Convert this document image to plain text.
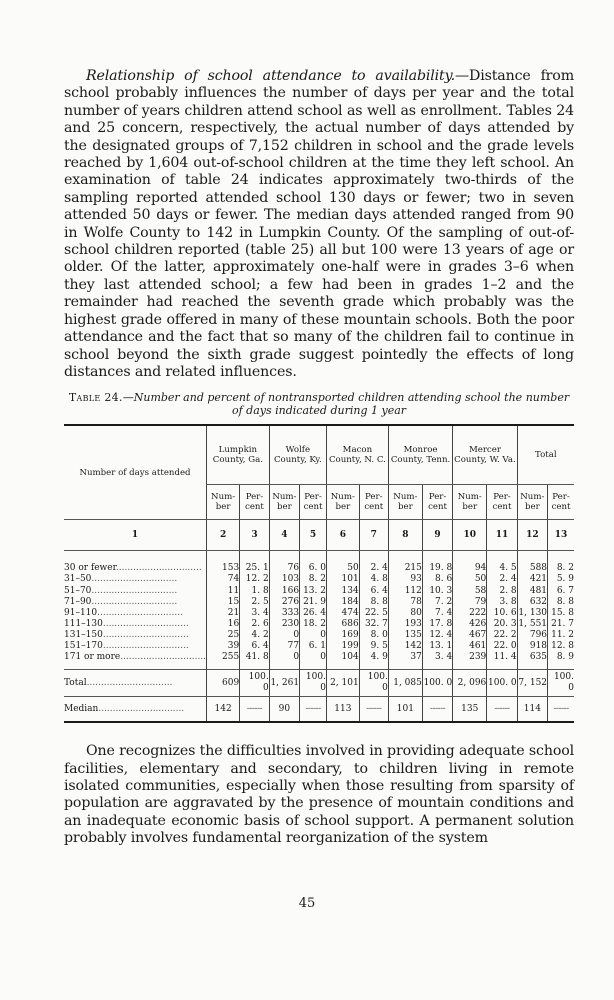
Relationship of school attendance to availability.—Distance from school probably influences the number of days per year and the total number of years children attend school as well as enrollment. Tables 24 and 25 concern, respectively, the actual number of days attended by the designated groups of 7,152 children in school and the grade levels reached by 1,604 out-of-school children at the time they left school. An examination of table 24 indicates approximately two-thirds of the sampling reported attended school 130 days or fewer; two in seven attended 50 days or fewer. The median days attended ranged from 90 in Wolfe County to 142 in Lumpkin County. Of the sampling of out-of-school children reported (table 25) all but 100 were 13 years of age or older. Of the latter, approximately one-half were in grades 3–6 when they last attended school; a few had been in grades 1–2 and the remainder had reached the seventh grade which probably was the highest grade offered in many of these mountain schools. Both the poor attendance and the fact that so many of the children fail to continue in school beyond the sixth grade suggest pointedly the effects of long distances and related influences.

Table 24.—Number and percent of nontransported children attending school the number of days indicated during 1 year
Number of days attended	Lumpkin County, Ga.		Wolfe County, Ky.		Macon County, N. C.		Monroe County, Tenn.		Mercer County, W. Va.		Total	
	Num-ber	Per-cent	Num-ber	Per-cent	Num-ber	Per-cent	Num-ber	Per-cent	Num-ber	Per-cent	Num-ber	Per-cent
1	2	3	4	5	6	7	8	9	10	11	12	13
30 or fewer..............................	153	25. 1	76	6. 0	50	2. 4	215	19. 8	94	4. 5	588	8. 2
31–50..............................	74	12. 2	103	8. 2	101	4. 8	93	8. 6	50	2. 4	421	5. 9
51–70..............................	11	1. 8	166	13. 2	134	6. 4	112	10. 3	58	2. 8	481	6. 7
71–90..............................	15	2. 5	276	21. 9	184	8. 8	78	7. 2	79	3. 8	632	8. 8
91–110..............................	21	3. 4	333	26. 4	474	22. 5	80	7. 4	222	10. 6	1, 130	15. 8
111–130..............................	16	2. 6	230	18. 2	686	32. 7	193	17. 8	426	20. 3	1, 551	21. 7
131–150..............................	25	4. 2	0	0	169	8. 0	135	12. 4	467	22. 2	796	11. 2
151–170..............................	39	6. 4	77	6. 1	199	9. 5	142	13. 1	461	22. 0	918	12. 8
171 or more..............................	255	41. 8	0	0	104	4. 9	37	3. 4	239	11. 4	635	8. 9
Total..............................	609	100. 0	1, 261	100. 0	2, 101	100. 0	1, 085	100. 0	2, 096	100. 0	7, 152	100. 0
Median..............................	142	------	90	------	113	------	101	------	135	------	114	------

One recognizes the difficulties involved in providing adequate school facilities, elementary and secondary, to children living in remote isolated communities, especially when those resulting from sparsity of population are aggravated by the presence of mountain conditions and an inadequate economic basis of school support. A permanent solution probably involves fundamental reorganization of the system

45
